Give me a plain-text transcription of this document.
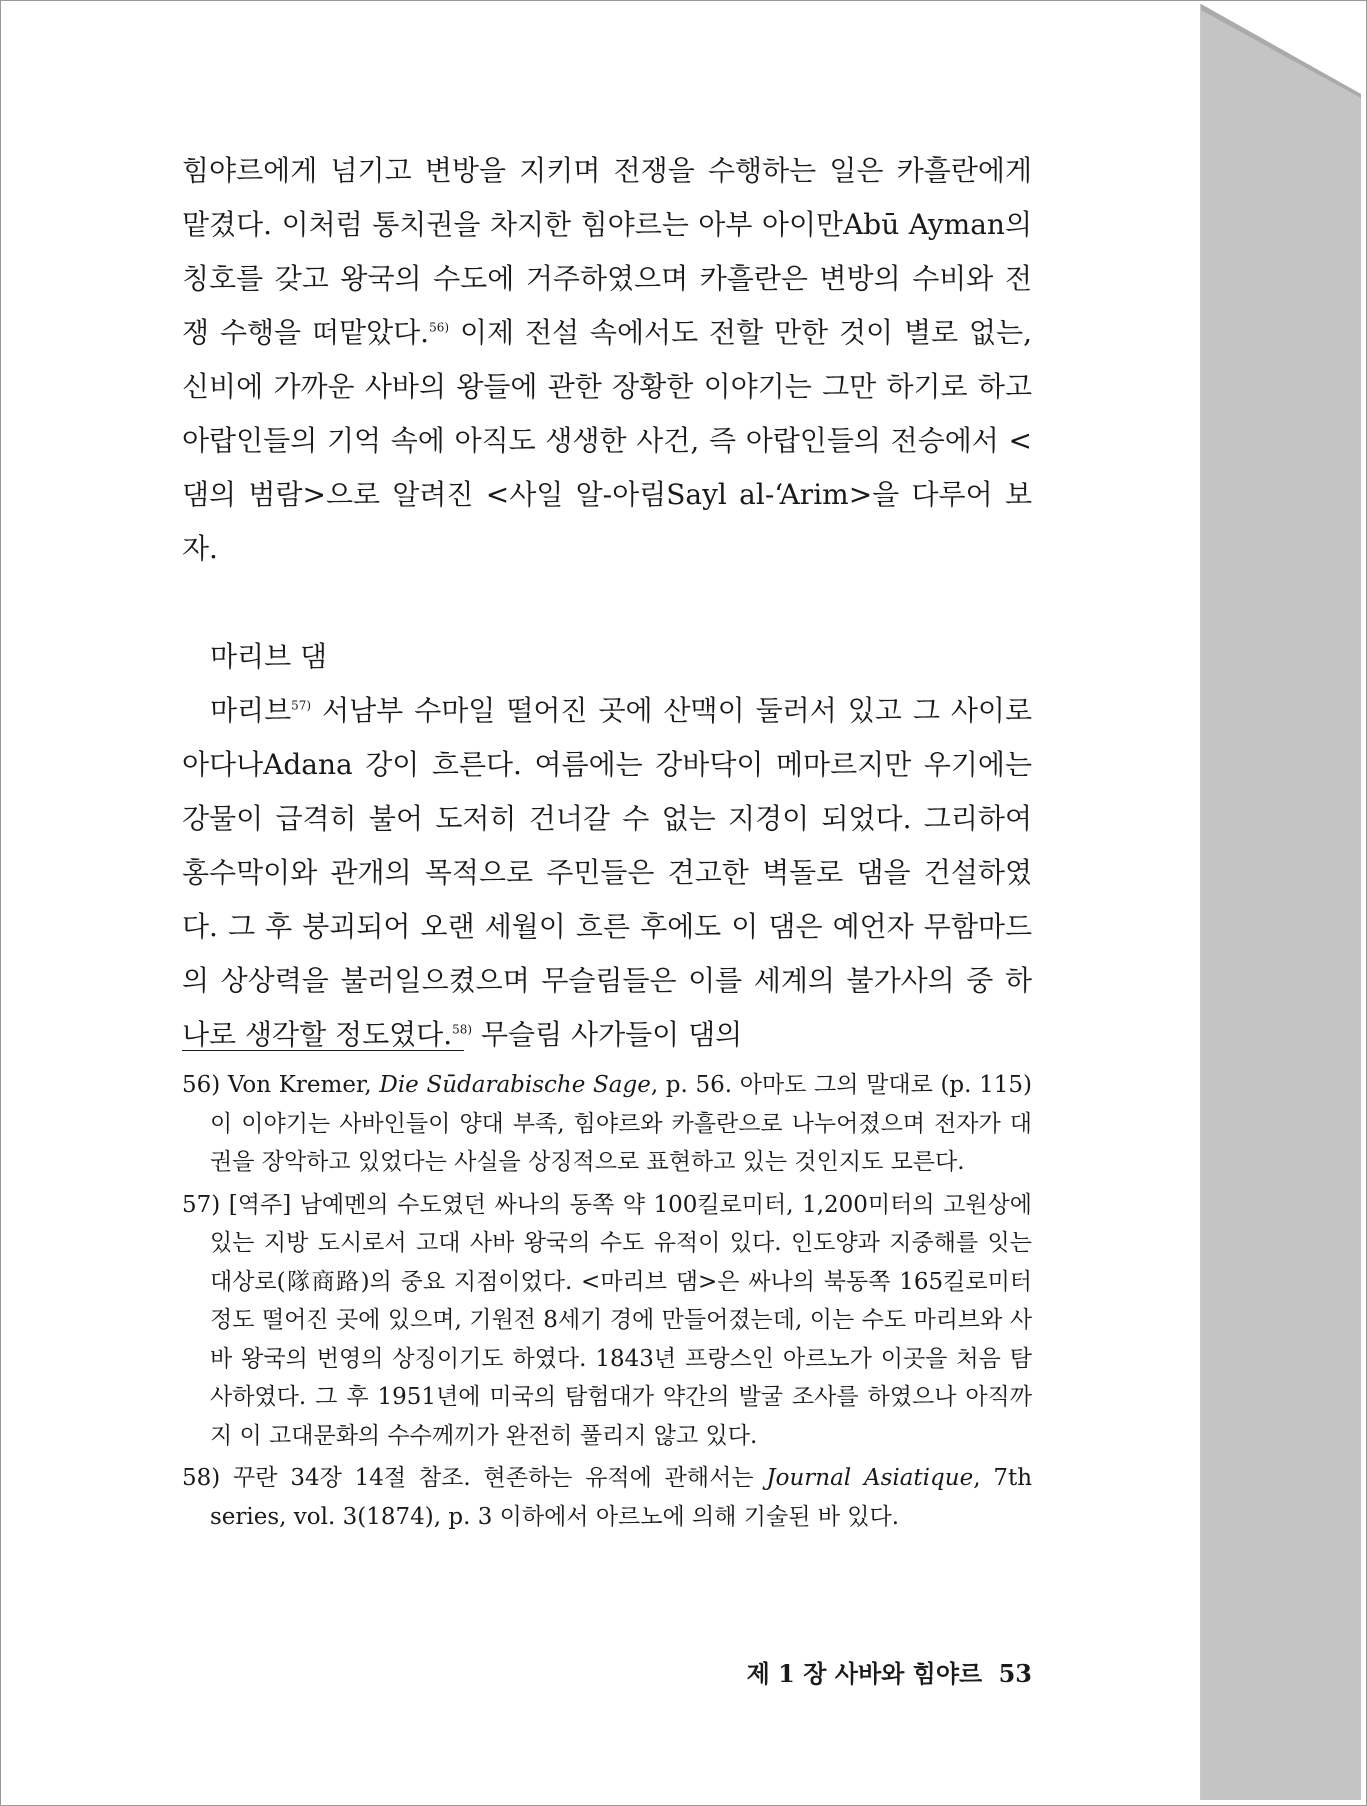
힘야르에게 넘기고 변방을 지키며 전쟁을 수행하는 일은 카흘란에게 맡겼다. 이처럼 통치권을 차지한 힘야르는 아부 아이만Abū Ayman의 칭호를 갖고 왕국의 수도에 거주하였으며 카흘란은 변방의 수비와 전쟁 수행을 떠맡았다.$^{56)}$ 이제 전설 속에서도 전할 만한 것이 별로 없는, 신비에 가까운 사바의 왕들에 관한 장황한 이야기는 그만 하기로 하고 아랍인들의 기억 속에 아직도 생생한 사건, 즉 아랍인들의 전승에서 <댐의 범람>으로 알려진 <사일 알-아림Sayl al-‘Arim>을 다루어 보자.

마리브 댐

마리브$^{57)}$ 서남부 수마일 떨어진 곳에 산맥이 둘러서 있고 그 사이로 아다나Adana 강이 흐른다. 여름에는 강바닥이 메마르지만 우기에는 강물이 급격히 불어 도저히 건너갈 수 없는 지경이 되었다. 그리하여 홍수막이와 관개의 목적으로 주민들은 견고한 벽돌로 댐을 건설하였다. 그 후 붕괴되어 오랜 세월이 흐른 후에도 이 댐은 예언자 무함마드의 상상력을 불러일으켰으며 무슬림들은 이를 세계의 불가사의 중 하나로 생각할 정도였다.$^{58)}$ 무슬림 사가들이 댐의

56) Von Kremer, Die Sūdarabische Sage, p. 56. 아마도 그의 말대로 (p. 115)이 이야기는 사바인들이 양대 부족, 힘야르와 카흘란으로 나누어졌으며 전자가 대권을 장악하고 있었다는 사실을 상징적으로 표현하고 있는 것인지도 모른다.

57) [역주] 남예멘의 수도였던 싸나의 동쪽 약 100킬로미터, 1,200미터의 고원상에 있는 지방 도시로서 고대 사바 왕국의 수도 유적이 있다. 인도양과 지중해를 잇는 대상로(隊商路)의 중요 지점이었다. <마리브 댐>은 싸나의 북동쪽 165킬로미터 정도 떨어진 곳에 있으며, 기원전 8세기 경에 만들어졌는데, 이는 수도 마리브와 사바 왕국의 번영의 상징이기도 하였다. 1843년 프랑스인 아르노가 이곳을 처음 탐사하였다. 그 후 1951년에 미국의 탐험대가 약간의 발굴 조사를 하였으나 아직까지 이 고대문화의 수수께끼가 완전히 풀리지 않고 있다.

58) 꾸란 34장 14절 참조. 현존하는 유적에 관해서는 Journal Asiatique, 7th series, vol. 3(1874), p. 3 이하에서 아르노에 의해 기술된 바 있다.

제 1 장 사바와 힘야르 53
